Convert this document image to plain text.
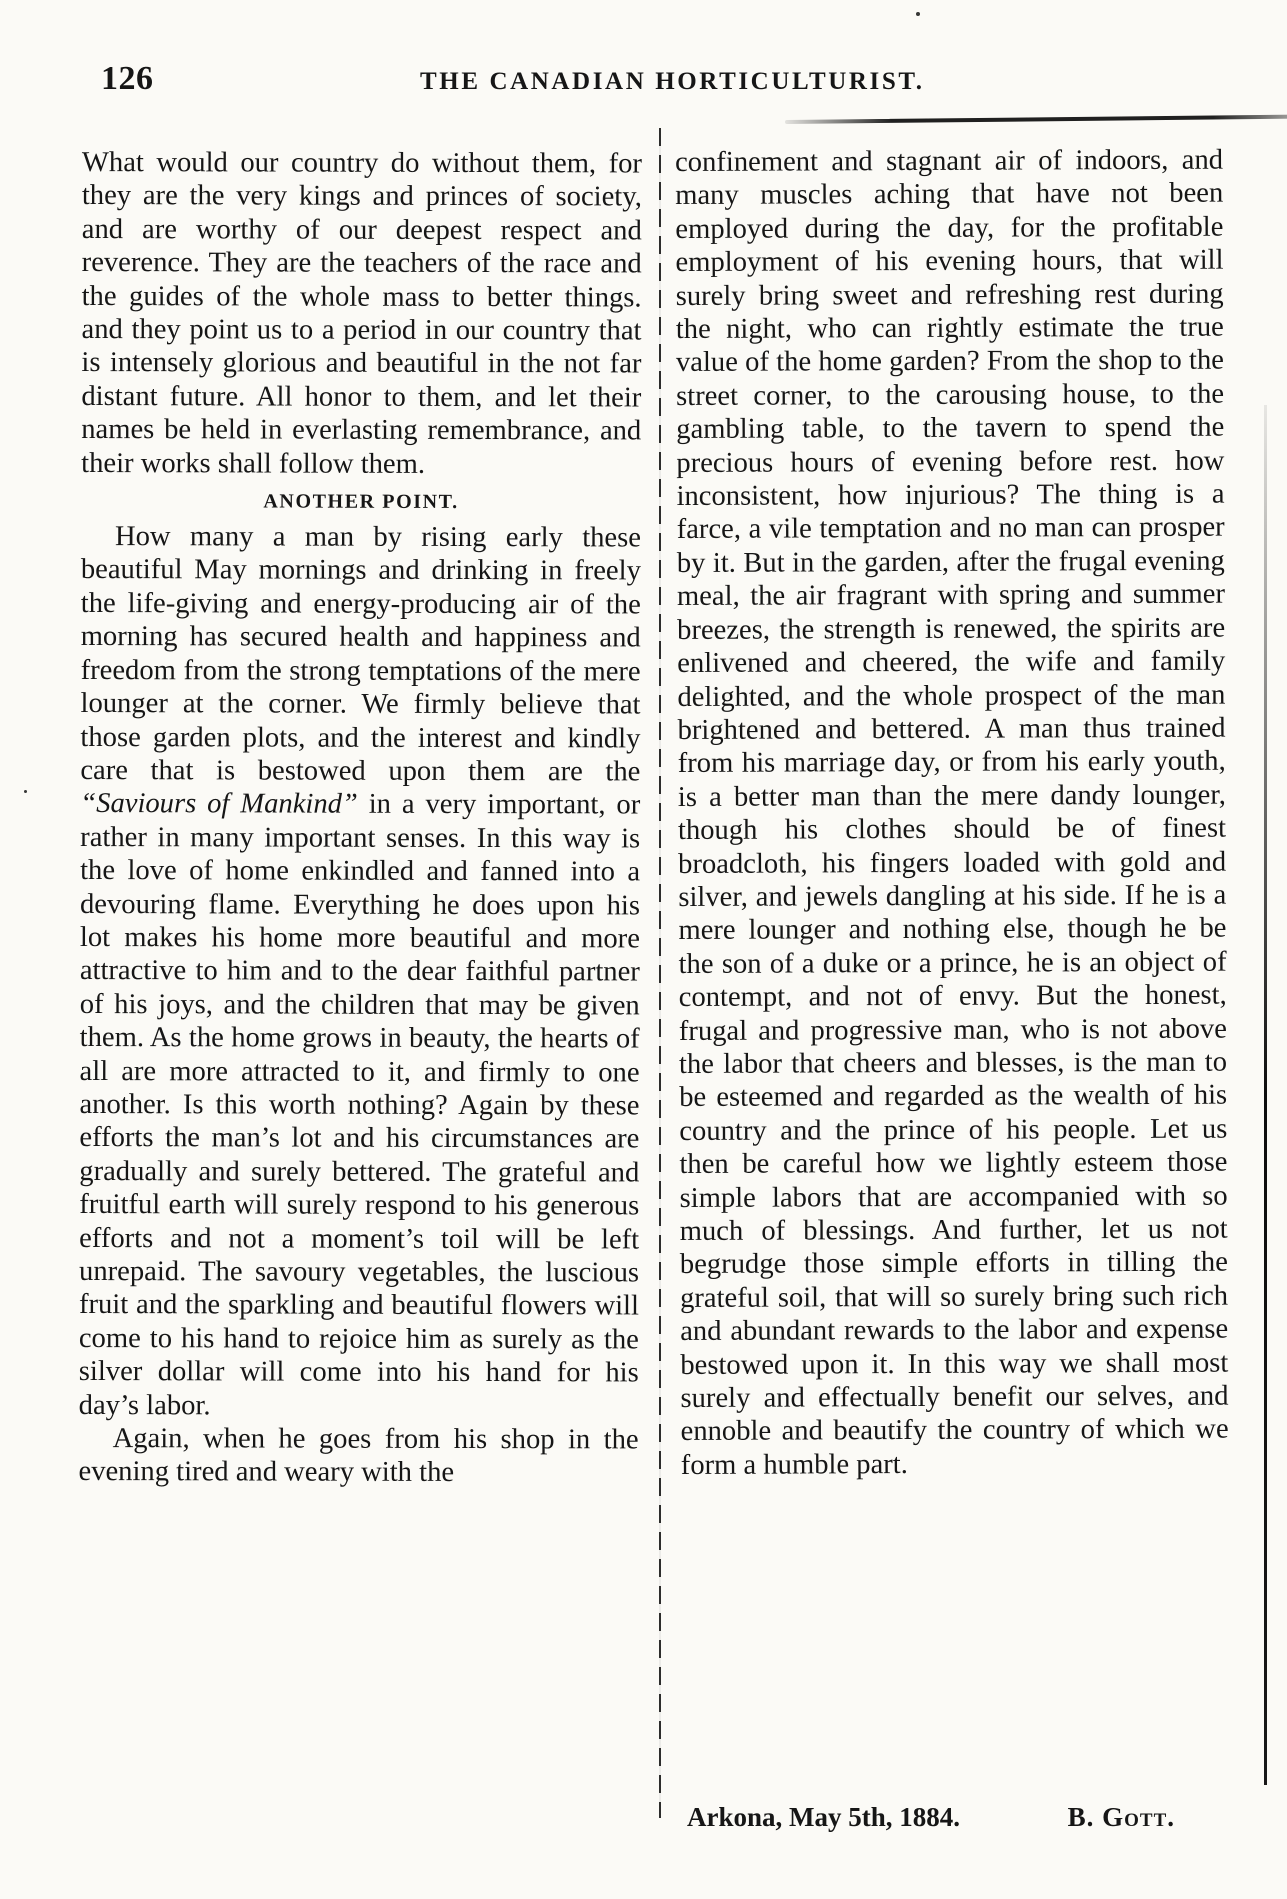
126	THE CANADIAN HORTICULTURIST.

What would our country do without them, for they are the very kings and princes of society, and are worthy of our deepest respect and reverence. They are the teachers of the race and the guides of the whole mass to better things. and they point us to a period in our country that is intensely glorious and beautiful in the not far distant future. All honor to them, and let their names be held in everlasting remembrance, and their works shall follow them.

ANOTHER POINT.

How many a man by rising early these beautiful May mornings and drinking in freely the life-giving and energy-producing air of the morning has secured health and happiness and freedom from the strong temptations of the mere lounger at the corner. We firmly believe that those garden plots, and the interest and kindly care that is bestowed upon them are the “Saviours of Mankind” in a very important, or rather in many important senses. In this way is the love of home enkindled and fanned into a devouring flame. Everything he does upon his lot makes his home more beautiful and more attractive to him and to the dear faithful partner of his joys, and the children that may be given them. As the home grows in beauty, the hearts of all are more attracted to it, and firmly to one another. Is this worth nothing? Again by these efforts the man’s lot and his circumstances are gradually and surely bettered. The grateful and fruitful earth will surely respond to his generous efforts and not a moment’s toil will be left unrepaid. The savoury vegetables, the luscious fruit and the sparkling and beautiful flowers will come to his hand to rejoice him as surely as the silver dollar will come into his hand for his day’s labor.

Again, when he goes from his shop in the evening tired and weary with the

confinement and stagnant air of indoors, and many muscles aching that have not been employed during the day, for the profitable employment of his evening hours, that will surely bring sweet and refreshing rest during the night, who can rightly estimate the true value of the home garden? From the shop to the street corner, to the carousing house, to the gambling table, to the tavern to spend the precious hours of evening before rest. how inconsistent, how injurious? The thing is a farce, a vile temptation and no man can prosper by it. But in the garden, after the frugal evening meal, the air fragrant with spring and summer breezes, the strength is renewed, the spirits are enlivened and cheered, the wife and family delighted, and the whole prospect of the man brightened and bettered. A man thus trained from his marriage day, or from his early youth, is a better man than the mere dandy lounger, though his clothes should be of finest broadcloth, his fingers loaded with gold and silver, and jewels dangling at his side. If he is a mere lounger and nothing else, though he be the son of a duke or a prince, he is an object of contempt, and not of envy. But the honest, frugal and progressive man, who is not above the labor that cheers and blesses, is the man to be esteemed and regarded as the wealth of his country and the prince of his people. Let us then be careful how we lightly esteem those simple labors that are accompanied with so much of blessings. And further, let us not begrudge those simple efforts in tilling the grateful soil, that will so surely bring such rich and abundant rewards to the labor and expense bestowed upon it. In this way we shall most surely and effectually benefit our selves, and ennoble and beautify the country of which we form a humble part.

Arkona, May 5th, 1884.	B. Gott.
